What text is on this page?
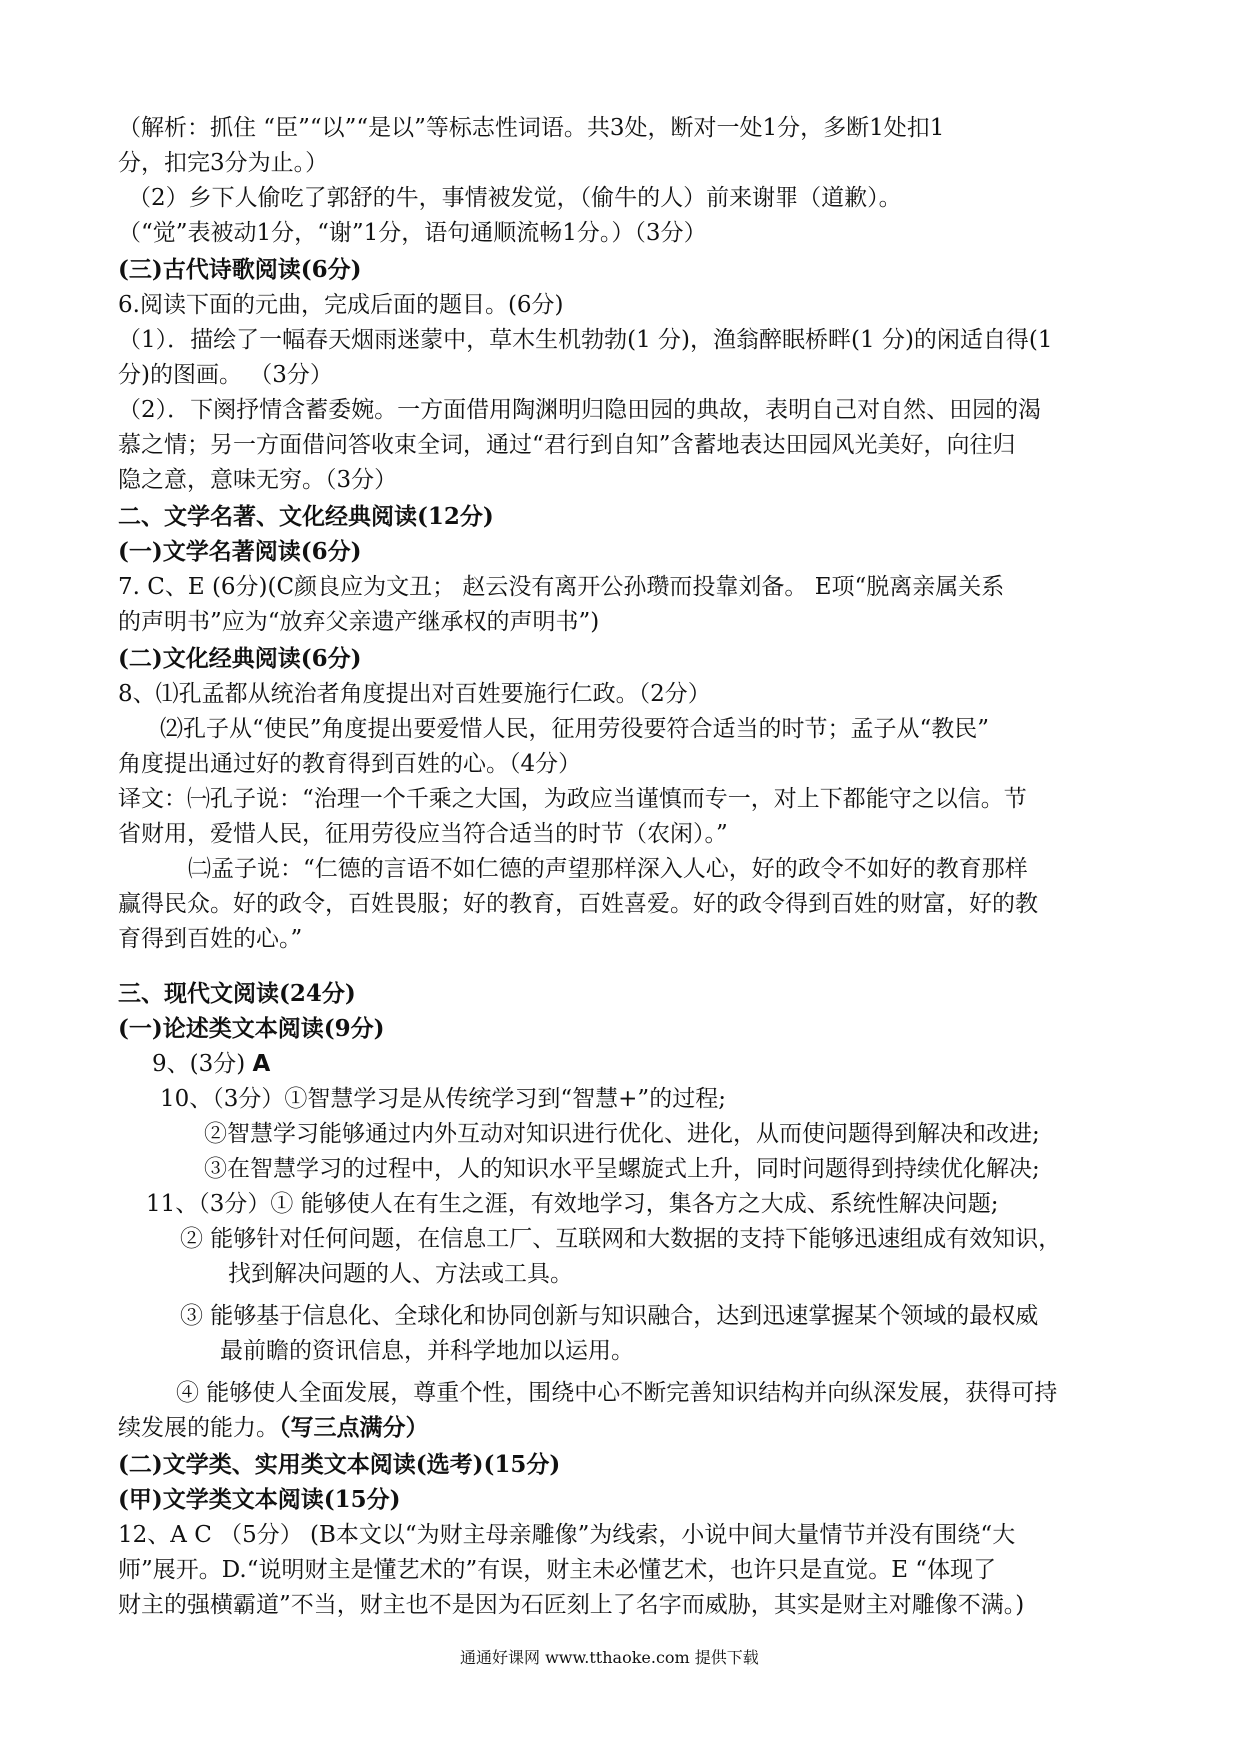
（解析：抓住 “臣”“以”“是以”等标志性词语。共3处，断对一处1分，多断1处扣1
分，扣完3分为止。）
（2）乡下人偷吃了郭舒的牛，事情被发觉，（偷牛的人）前来谢罪（道歉）。
（“觉”表被动1分，“谢”1分，语句通顺流畅1分。）（3分）
(三)古代诗歌阅读(6分)
6.阅读下面的元曲，完成后面的题目。(6分)
（1）．描绘了一幅春天烟雨迷蒙中，草木生机勃勃(1 分)，渔翁醉眠桥畔(1 分)的闲适自得(1
分)的图画。 （3分）
（2）．下阕抒情含蓄委婉。一方面借用陶渊明归隐田园的典故，表明自己对自然、田园的渴
慕之情；另一方面借问答收束全词，通过“君行到自知”含蓄地表达田园风光美好，向往归
隐之意，意味无穷。（3分）
二、文学名著、文化经典阅读(12分)
(一)文学名著阅读(6分)
7. C、E (6分)(C颜良应为文丑； 赵云没有离开公孙瓒而投靠刘备。 E项“脱离亲属关系
的声明书”应为“放弃父亲遗产继承权的声明书”)
(二)文化经典阅读(6分)
8、⑴孔孟都从统治者角度提出对百姓要施行仁政。（2分）
⑵孔子从“使民”角度提出要爱惜人民，征用劳役要符合适当的时节；孟子从“教民”
角度提出通过好的教育得到百姓的心。（4分）
译文：㈠孔子说：“治理一个千乘之大国，为政应当谨慎而专一，对上下都能守之以信。节
省财用，爱惜人民，征用劳役应当符合适当的时节（农闲）。”
㈡孟子说：“仁德的言语不如仁德的声望那样深入人心，好的政令不如好的教育那样
赢得民众。好的政令，百姓畏服；好的教育，百姓喜爱。好的政令得到百姓的财富，好的教
育得到百姓的心。”
三、现代文阅读(24分)
(一)论述类文本阅读(9分)
9、(3分) A
10、（3分）①智慧学习是从传统学习到“智慧+”的过程;
②智慧学习能够通过内外互动对知识进行优化、进化，从而使问题得到解决和改进;
③在智慧学习的过程中，人的知识水平呈螺旋式上升，同时问题得到持续优化解决;
11、（3分）① 能够使人在有生之涯，有效地学习，集各方之大成、系统性解决问题;
② 能够针对任何问题，在信息工厂、互联网和大数据的支持下能够迅速组成有效知识，
找到解决问题的人、方法或工具。
③ 能够基于信息化、全球化和协同创新与知识融合，达到迅速掌握某个领域的最权威
最前瞻的资讯信息，并科学地加以运用。
④ 能够使人全面发展，尊重个性，围绕中心不断完善知识结构并向纵深发展，获得可持
续发展的能力。（写三点满分）
(二)文学类、实用类文本阅读(选考)(15分)
(甲)文学类文本阅读(15分)
12、A C （5分） (B本文以“为财主母亲雕像”为线索，小说中间大量情节并没有围绕“大
师”展开。D.“说明财主是懂艺术的”有误，财主未必懂艺术，也许只是直觉。E “体现了
财主的强横霸道”不当，财主也不是因为石匠刻上了名字而威胁，其实是财主对雕像不满。)
通通好课网 www.tthaoke.com 提供下载
